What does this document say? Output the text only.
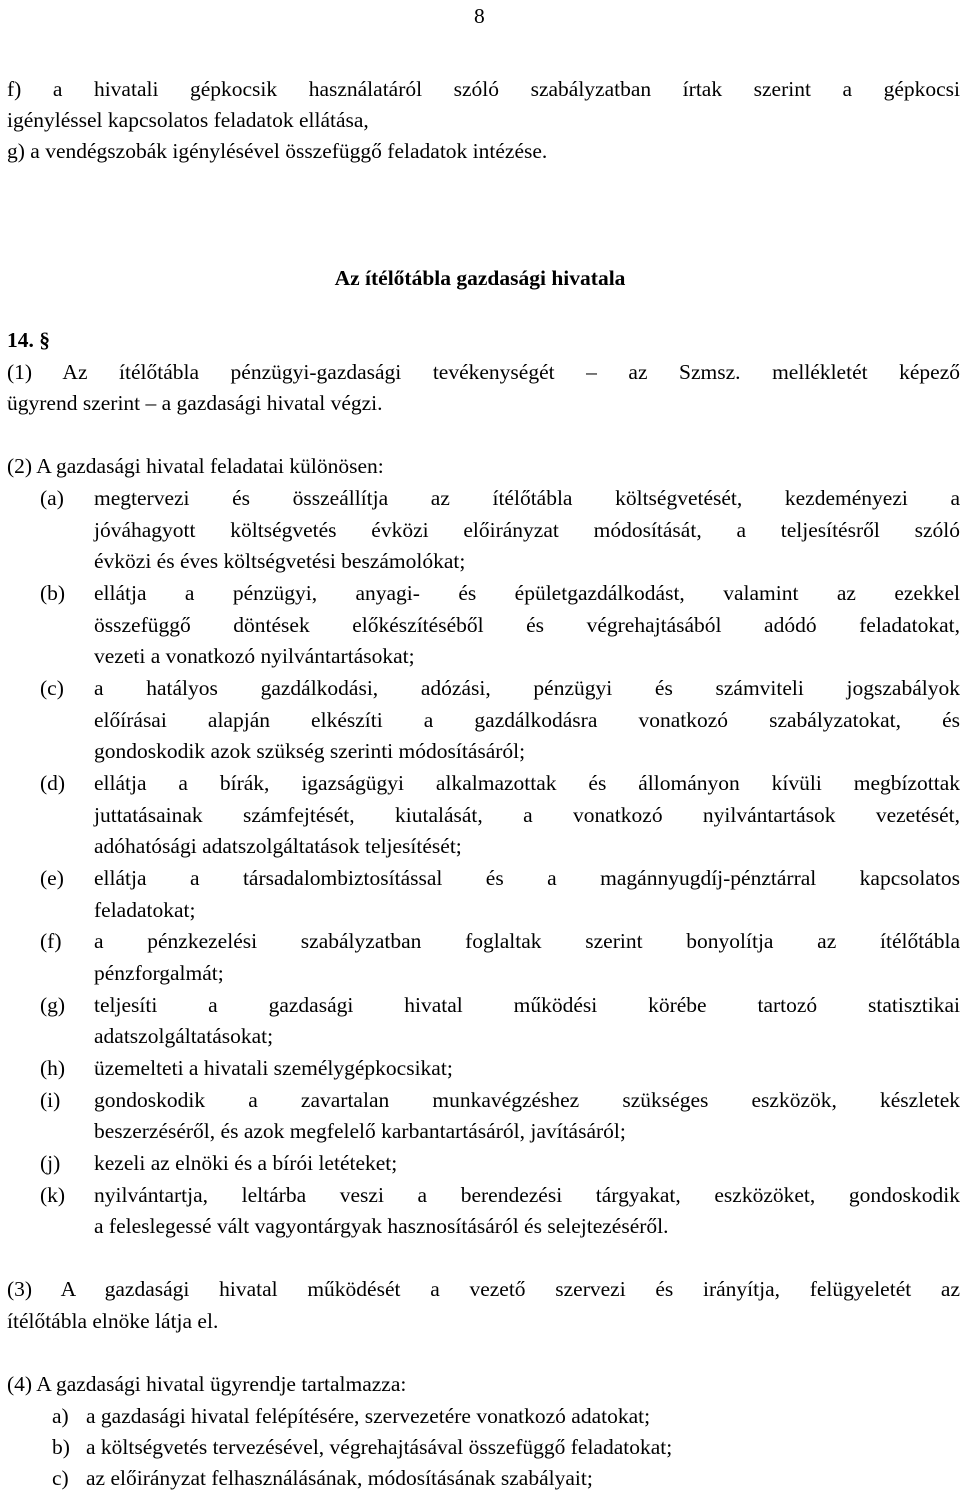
8
f) a hivatali gépkocsik használatáról szóló szabályzatban írtak szerint a gépkocsi
igényléssel kapcsolatos feladatok ellátása,
g) a vendégszobák igénylésével összefüggő feladatok intézése.
Az ítélőtábla gazdasági hivatala
14. §
(1) Az ítélőtábla pénzügyi-gazdasági tevékenységét – az Szmsz. mellékletét képező
ügyrend szerint – a gazdasági hivatal végzi.
(2) A gazdasági hivatal feladatai különösen:
(a) megtervezi és összeállítja az ítélőtábla költségvetését, kezdeményezi a
jóváhagyott költségvetés évközi előirányzat módosítását, a teljesítésről szóló
évközi és éves költségvetési beszámolókat;
(b) ellátja a pénzügyi, anyagi- és épületgazdálkodást, valamint az ezekkel
összefüggő döntések előkészítéséből és végrehajtásából adódó feladatokat,
vezeti a vonatkozó nyilvántartásokat;
(c) a hatályos gazdálkodási, adózási, pénzügyi és számviteli jogszabályok
előírásai alapján elkészíti a gazdálkodásra vonatkozó szabályzatokat, és
gondoskodik azok szükség szerinti módosításáról;
(d) ellátja a bírák, igazságügyi alkalmazottak és állományon kívüli megbízottak
juttatásainak számfejtését, kiutalását, a vonatkozó nyilvántartások vezetését,
adóhatósági adatszolgáltatások teljesítését;
(e) ellátja a társadalombiztosítással és a magánnyugdíj-pénztárral kapcsolatos
feladatokat;
(f) a pénzkezelési szabályzatban foglaltak szerint bonyolítja az ítélőtábla
pénzforgalmát;
(g) teljesíti a gazdasági hivatal működési körébe tartozó statisztikai
adatszolgáltatásokat;
(h) üzemelteti a hivatali személygépkocsikat;
(i) gondoskodik a zavartalan munkavégzéshez szükséges eszközök, készletek
beszerzéséről, és azok megfelelő karbantartásáról, javításáról;
(j) kezeli az elnöki és a bírói letéteket;
(k) nyilvántartja, leltárba veszi a berendezési tárgyakat, eszközöket, gondoskodik
a feleslegessé vált vagyontárgyak hasznosításáról és selejtezéséről.
(3) A gazdasági hivatal működését a vezető szervezi és irányítja, felügyeletét az
ítélőtábla elnöke látja el.
(4) A gazdasági hivatal ügyrendje tartalmazza:
a) a gazdasági hivatal felépítésére, szervezetére vonatkozó adatokat;
b) a költségvetés tervezésével, végrehajtásával összefüggő feladatokat;
c) az előirányzat felhasználásának, módosításának szabályait;
